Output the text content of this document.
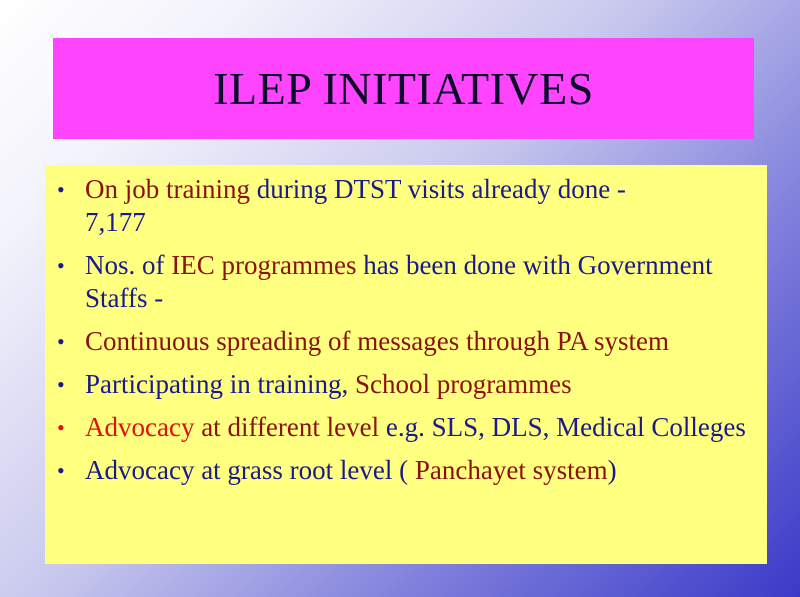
ILEP INITIATIVES
• On job training during DTST visits already done -
7,177
• Nos. of IEC programmes has been done with Government Staffs -
• Continuous spreading of messages through PA system
• Participating in training, School programmes
• Advocacy at different level e.g. SLS, DLS, Medical Colleges
• Advocacy at grass root level ( Panchayet system)
